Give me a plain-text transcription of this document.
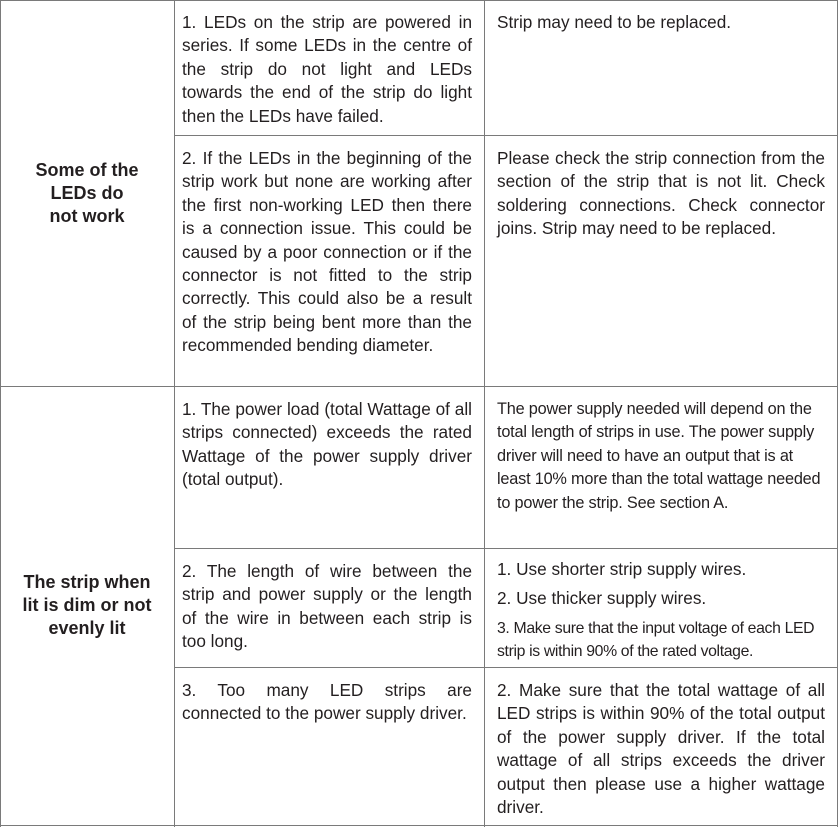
Some of the
LEDs do
not work
1. LEDs on the strip are powered in series. If some LEDs in the centre of the strip do not light and LEDs towards the end of the strip do light then the LEDs have failed.
Strip may need to be replaced.
2. If the LEDs in the beginning of the strip work but none are working after the first non-working LED then there is a connection issue. This could be caused by a poor connection or if the connector is not fitted to the strip correctly. This could also be a result of the strip being bent more than the recommended bending diameter.
Please check the strip connection from the section of the strip that is not lit. Check soldering connections. Check connector joins. Strip may need to be replaced.
The strip when
lit is dim or not
evenly lit
1. The power load (total Wattage of all strips connected) exceeds the rated Wattage of the power supply driver (total output).
The power supply needed will depend on the total length of strips in use. The power supply driver will need to have an output that is at least 10% more than the total wattage needed to power the strip. See section A.
2. The length of wire between the strip and power supply or the length of the wire in between each strip is too long.
1. Use shorter strip supply wires.
2. Use thicker supply wires.
3. Make sure that the input voltage of each LED strip is within 90% of the rated voltage.
3. Too many LED strips are connected to the power supply driver.
2. Make sure that the total wattage of all LED strips is within 90% of the total output of the power supply driver. If the total wattage of all strips exceeds the driver output then please use a higher wattage driver.
